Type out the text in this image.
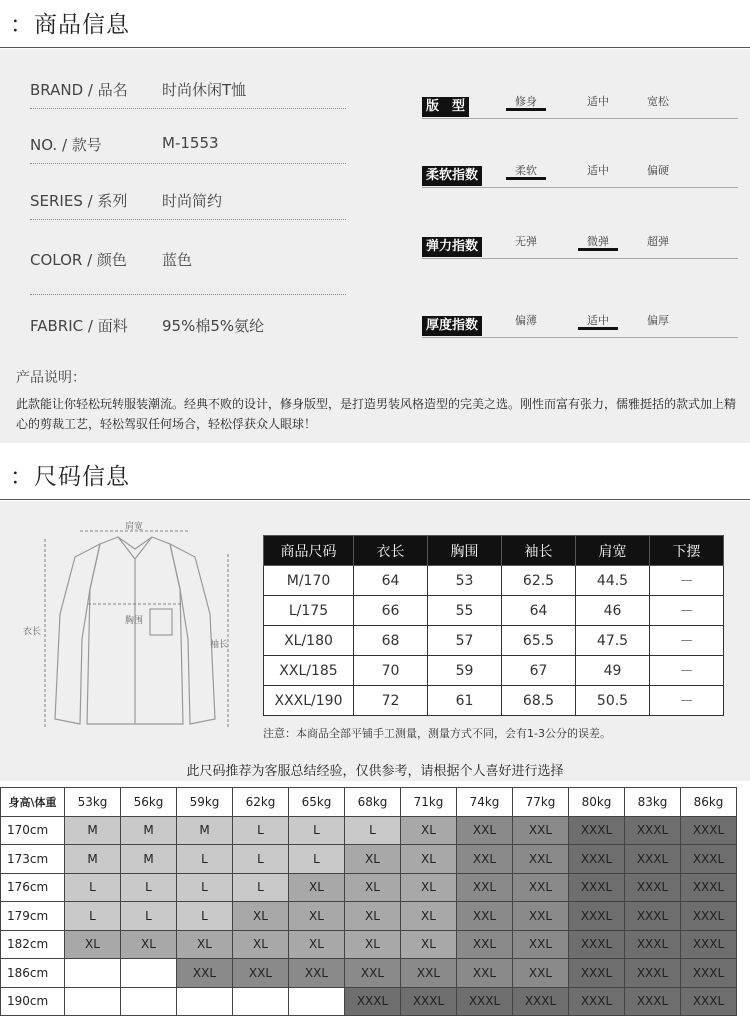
：商品信息
BRAND / 品名 时尚休闲T恤
NO. / 款号	M-1553
SERIES / 系列 时尚简约
COLOR / 颜色 蓝色
FABRIC / 面料 95%棉5%氨纶
版　型	修身	适中	宽松
柔软指数	柔软	适中	偏硬
弹力指数	无弹	微弹	超弹
厚度指数	偏薄	适中	偏厚
产品说明：
此款能让你轻松玩转服装潮流。经典不败的设计，修身版型，是打造男装风格造型的完美之选。刚性而富有张力，儒雅挺括的款式加上精心的剪裁工艺，轻松驾驭任何场合，轻松俘获众人眼球！
：尺码信息
肩宽
胸围
衣长
袖长
商品尺码	衣长	胸围	袖长	肩宽	下摆
M/170	64	53	62.5	44.5	－
L/175	66	55	64	46	－
XL/180	68	57	65.5	47.5	－
XXL/185	70	59	67	49	－
XXXL/190	72	61	68.5	50.5	－
注意：本商品全部平铺手工测量，测量方式不同，会有1-3公分的误差。
此尺码推荐为客服总结经验，仅供参考，请根据个人喜好进行选择
身高\体重	53kg	56kg	59kg	62kg	65kg	68kg	71kg	74kg	77kg	80kg	83kg	86kg
170cm	M	M	M	L	L	L	XL	XXL	XXL	XXXL	XXXL	XXXL
173cm	M	M	L	L	L	XL	XL	XXL	XXL	XXXL	XXXL	XXXL
176cm	L	L	L	L	XL	XL	XL	XXL	XXL	XXXL	XXXL	XXXL
179cm	L	L	L	XL	XL	XL	XL	XXL	XXL	XXXL	XXXL	XXXL
182cm	XL	XL	XL	XL	XL	XL	XL	XXL	XXL	XXXL	XXXL	XXXL
186cm			XXL	XXL	XXL	XXL	XXL	XXL	XXL	XXXL	XXXL	XXXL
190cm						XXXL	XXXL	XXXL	XXXL	XXXL	XXXL	XXXL
